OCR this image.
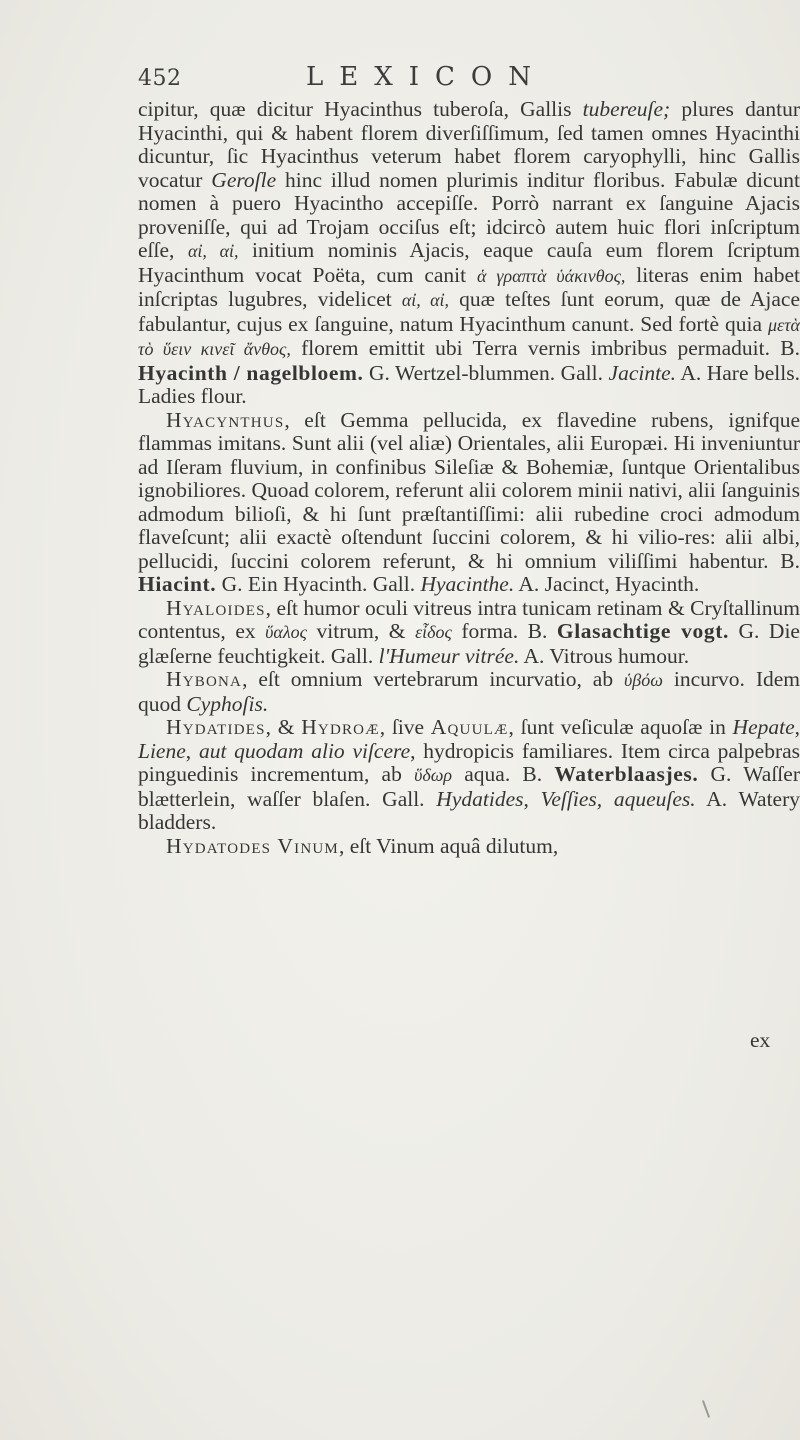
452	LEXICON

cipitur, quæ dicitur Hyacinthus tuberoſa, Gallis tubereuſe; plures dantur Hyacinthi, qui & habent florem diverſiſſimum, ſed tamen omnes Hyacinthi dicuntur, ſic Hyacinthus veterum habet florem caryophylli, hinc Gallis vocatur Geroſle hinc illud nomen plurimis inditur floribus. Fabulæ dicunt nomen à puero Hyacintho accepiſſe. Porrò narrant ex ſanguine Ajacis proveniſſe, qui ad Trojam occiſus eſt; idcircò autem huic flori inſcriptum eſſe, αἰ, αἰ, initium nominis Ajacis, eaque cauſa eum florem ſcriptum Hyacinthum vocat Poëta, cum canit ἁ γραπτὰ ὑάκινθος, literas enim habet inſcriptas lugubres, videlicet αἰ, αἰ, quæ teſtes ſunt eorum, quæ de Ajace fabulantur, cujus ex ſanguine, natum Hyacinthum canunt. Sed fortè quia μετὰ τὸ ὕειν κινεῖ ἄνθος, florem emittit ubi Terra vernis imbribus permaduit. B. Hyacinth / nagelbloem. G. Wertzel-blummen. Gall. Jacinte. A. Hare bells. Ladies flour.

Hyacynthus, eſt Gemma pellucida, ex flavedine rubens, ignifque flammas imitans. Sunt alii (vel aliæ) Orientales, alii Europæi. Hi inveniuntur ad Iſeram fluvium, in confinibus Sileſiæ & Bohemiæ, ſuntque Orientalibus ignobiliores. Quoad colorem, referunt alii colorem minii nativi, alii ſanguinis admodum bilioſi, & hi ſunt præſtantiſſimi: alii rubedine croci admodum flaveſcunt; alii exactè oſtendunt ſuccini colorem, & hi vilio-res: alii albi, pellucidi, ſuccini colorem referunt, & hi omnium viliſſimi habentur. B. Hiacint. G. Ein Hyacinth. Gall. Hyacinthe. A. Jacinct, Hyacinth.

Hyaloides, eſt humor oculi vitreus intra tunicam retinam & Cryſtallinum contentus, ex ὕαλος vitrum, & εἶδος forma. B. Glasachtige vogt. G. Die glæſerne feuchtigkeit. Gall. l'Humeur vitrée. A. Vitrous humour.

Hybona, eſt omnium vertebrarum incurvatio, ab ὑβόω incurvo. Idem quod Cyphoſis.

Hydatides, & Hydroæ, ſive Aquulæ, ſunt veſiculæ aquoſæ in Hepate, Liene, aut quodam alio viſcere, hydropicis familiares. Item circa palpebras pinguedinis incrementum, ab ὕδωρ aqua. B. Waterblaasjes. G. Waſſer blætterlein, waſſer blaſen. Gall. Hydatides, Veſſies, aqueuſes. A. Watery bladders.

Hydatodes Vinum, eſt Vinum aquâ dilutum,

ex
